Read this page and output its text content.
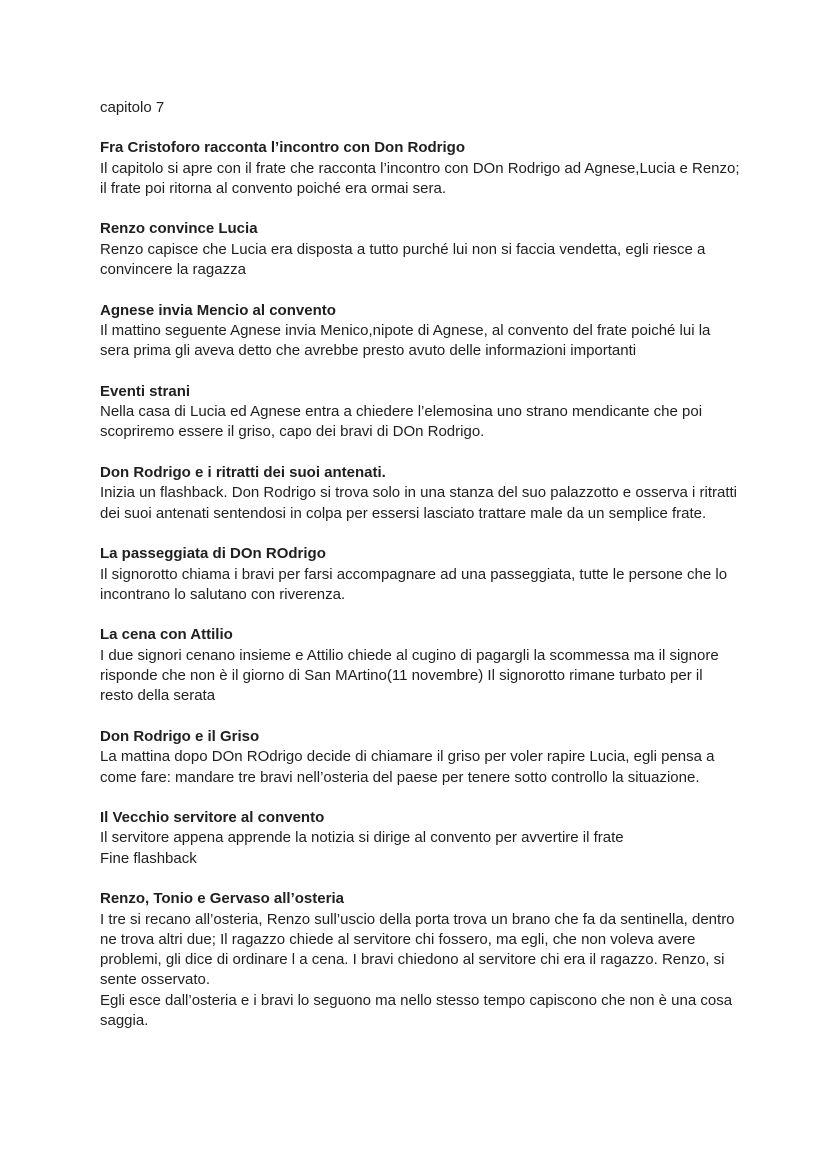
capitolo 7
Fra Cristoforo racconta l’incontro con Don Rodrigo

Il capitolo si apre con il frate che racconta l’incontro con DOn Rodrigo ad Agnese,Lucia e Renzo; il frate poi ritorna al convento poiché era ormai sera.

Renzo convince Lucia

Renzo capisce che Lucia era disposta a tutto purché lui non si faccia vendetta, egli riesce a convincere la ragazza

Agnese invia Mencio al convento

Il mattino seguente Agnese invia Menico,nipote di Agnese, al convento del frate poiché lui la sera prima gli aveva detto che avrebbe presto avuto delle informazioni importanti

Eventi strani

Nella casa di Lucia ed Agnese entra a chiedere l’elemosina uno strano mendicante che poi scopriremo essere il griso, capo dei bravi di DOn Rodrigo.

Don Rodrigo e i ritratti dei suoi antenati.

Inizia un flashback. Don Rodrigo si trova solo in una stanza del suo palazzotto e osserva i ritratti dei suoi antenati sentendosi in colpa per essersi lasciato trattare male da un semplice frate.

La passeggiata di DOn ROdrigo

Il signorotto chiama i bravi per farsi accompagnare ad una passeggiata, tutte le persone che lo incontrano lo salutano con riverenza.

La cena con Attilio

I due signori cenano insieme e Attilio chiede al cugino di pagargli la scommessa ma il signore risponde che non è il giorno di San MArtino(11 novembre) Il signorotto rimane turbato per il resto della serata

Don Rodrigo e il Griso

La mattina dopo DOn ROdrigo decide di chiamare il griso per voler rapire Lucia, egli pensa a come fare: mandare tre bravi nell’osteria del paese per tenere sotto controllo la situazione.

Il Vecchio servitore al convento

Il servitore appena apprende la notizia si dirige al convento per avvertire il frate

Fine flashback

Renzo, Tonio e Gervaso all’osteria

I tre si recano all’osteria, Renzo sull’uscio della porta trova un brano che fa da sentinella, dentro ne trova altri due; Il ragazzo chiede al servitore chi fossero, ma egli, che non voleva avere problemi, gli dice di ordinare l a cena. I bravi chiedono al servitore chi era il ragazzo. Renzo, si sente osservato.

Egli esce dall’osteria e i bravi lo seguono ma nello stesso tempo capiscono che non è una cosa saggia.
